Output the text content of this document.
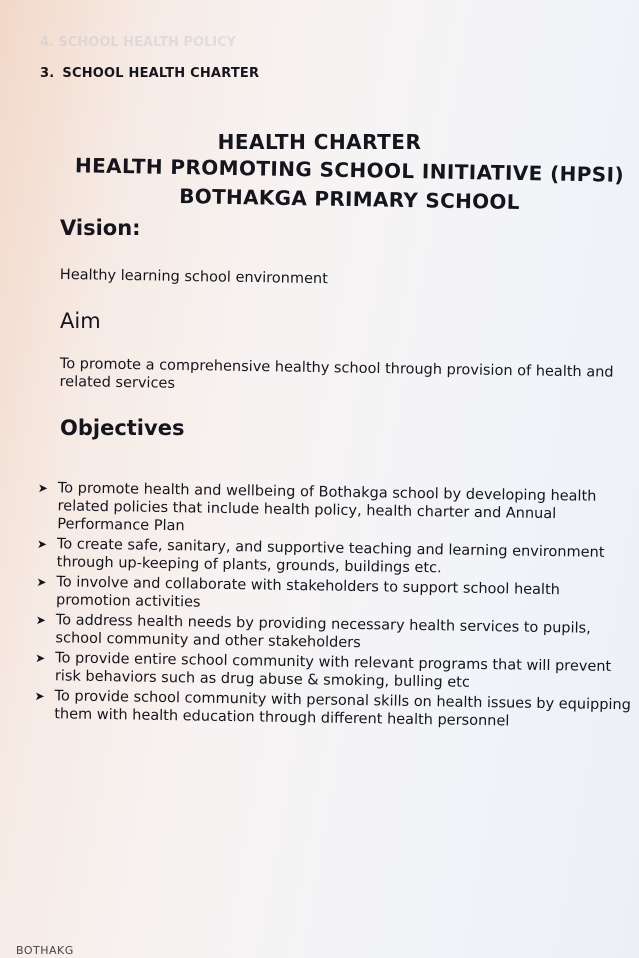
4. SCHOOL HEALTH POLICY
3. SCHOOL HEALTH CHARTER
HEALTH CHARTER
HEALTH PROMOTING SCHOOL INITIATIVE (HPSI)
BOTHAKGA PRIMARY SCHOOL
Vision:
Healthy learning school environment
Aim
To promote a comprehensive healthy school through provision of health and related services
Objectives
➤ To promote health and wellbeing of Bothakga school by developing health related policies that include health policy, health charter and Annual Performance Plan
➤ To create safe, sanitary, and supportive teaching and learning environment through up-keeping of plants, grounds, buildings etc.
➤ To involve and collaborate with stakeholders to support school health promotion activities
➤ To address health needs by providing necessary health services to pupils, school community and other stakeholders
➤ To provide entire school community with relevant programs that will prevent risk behaviors such as drug abuse & smoking, bulling etc
➤ To provide school community with personal skills on health issues by equipping them with health education through different health personnel
BOTHAKG
